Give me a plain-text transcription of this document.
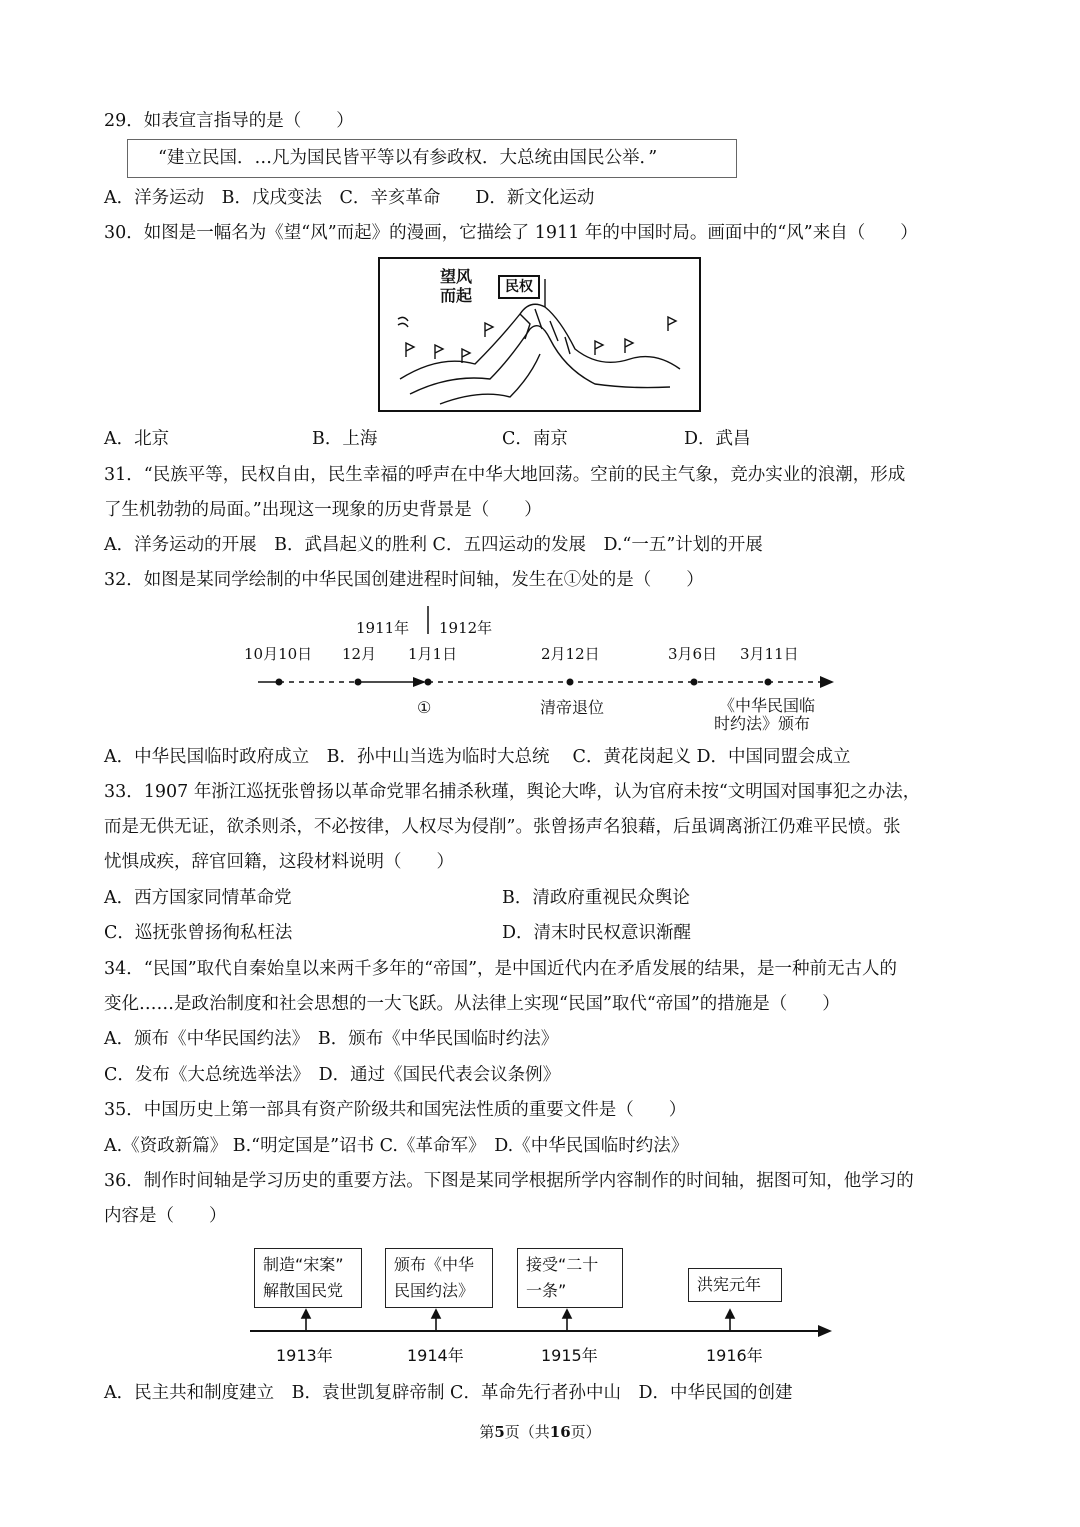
29．如表宣言指导的是（　　）
“建立民国．…凡为国民皆平等以有参政权．大总统由国民公举．”
A．洋务运动　B．戊戌变法　C．辛亥革命　　D．新文化运动
30．如图是一幅名为《望“风”而起》的漫画，它描绘了 1911 年的中国时局。画面中的“风”来自（　　）
望风
而起	民权
A．北京	B．上海	C．南京	D．武昌
31．“民族平等，民权自由，民生幸福的呼声在中华大地回荡。空前的民主气象，竞办实业的浪潮，形成
了生机勃勃的局面。”出现这一现象的历史背景是（　　）
A．洋务运动的开展　B．武昌起义的胜利 C．五四运动的发展　D.“一五”计划的开展
32．如图是某同学绘制的中华民国创建进程时间轴，发生在①处的是（　　）
1911年 1912年
10月10日 12月 1月1日	2月12日	3月6日 3月11日
①	清帝退位	《中华民国临
时约法》颁布
A．中华民国临时政府成立　B．孙中山当选为临时大总统　 C．黄花岗起义 D．中国同盟会成立
33．1907 年浙江巡抚张曾扬以革命党罪名捕杀秋瑾，舆论大哗，认为官府未按“文明国对国事犯之办法，
而是无供无证，欲杀则杀，不必按律，人权尽为侵削”。张曾扬声名狼藉，后虽调离浙江仍难平民愤。张
忧惧成疾，辞官回籍，这段材料说明（　　）
A．西方国家同情革命党	B．清政府重视民众舆论
C．巡抚张曾扬徇私枉法	D．清末时民权意识渐醒
34．“民国”取代自秦始皇以来两千多年的“帝国”，是中国近代内在矛盾发展的结果，是一种前无古人的
变化……是政治制度和社会思想的一大飞跃。从法律上实现“民国”取代“帝国”的措施是（　　）
A．颁布《中华民国约法》　B．颁布《中华民国临时约法》
C．发布《大总统选举法》　D．通过《国民代表会议条例》
35．中国历史上第一部具有资产阶级共和国宪法性质的重要文件是（　　）
A.《资政新篇》 B.“明定国是”诏书 C.《革命军》　D.《中华民国临时约法》
36．制作时间轴是学习历史的重要方法。下图是某同学根据所学内容制作的时间轴，据图可知，他学习的
内容是（　　）
制造“宋案”
解散国民党
颁布《中华
民国约法》
接受“二十
一条”	洪宪元年
1913年	1914年	1915年	1916年
A．民主共和制度建立　B．袁世凯复辟帝制 C．革命先行者孙中山　D．中华民国的创建
第5页（共16页）
